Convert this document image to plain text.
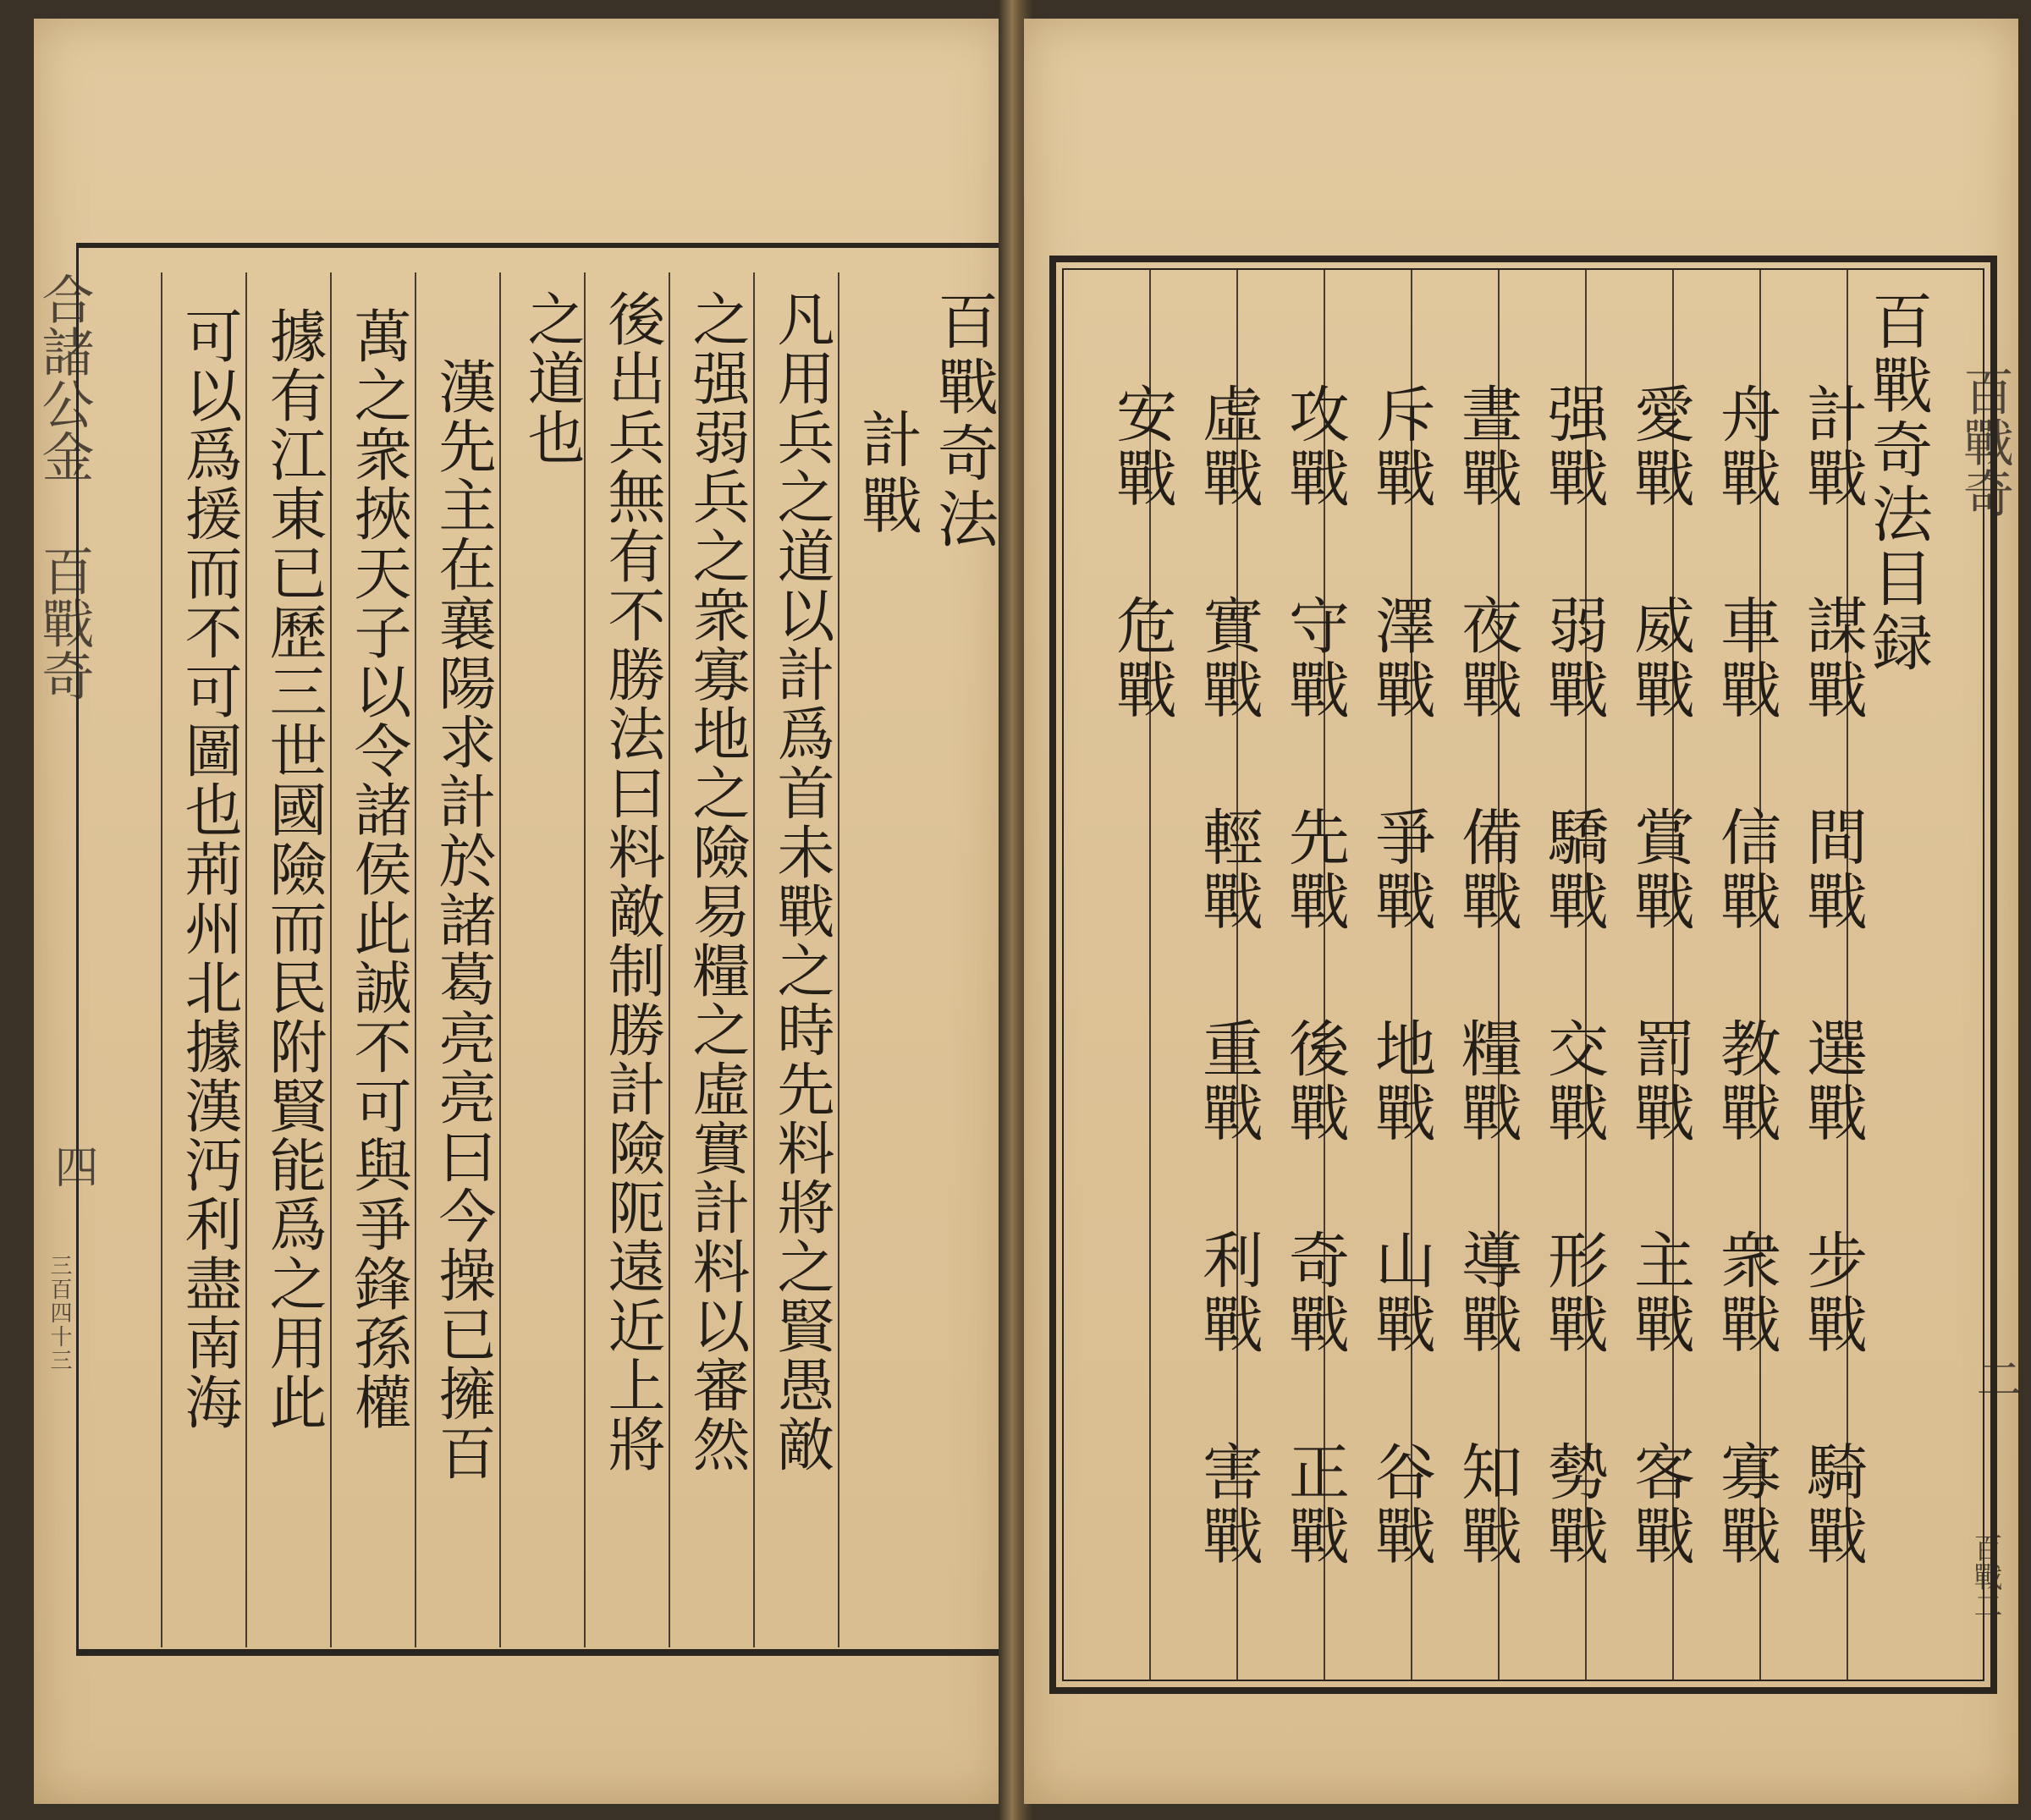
合諸公金 百戰奇
四
三百四十三
百戰奇法
計戰
凡用兵之道以計爲首未戰之時先料將之賢愚敵
之强弱兵之衆寡地之險易糧之虛實計料以審然
後出兵無有不勝法曰料敵制勝計險阨遠近上將
之道也
漢先主在襄陽求計於諸葛亮亮曰今操已擁百
萬之衆挾天子以令諸侯此誠不可與爭鋒孫權
據有江東已歷三世國險而民附賢能爲之用此
可以爲援而不可圖也荊州北據漢沔利盡南海	百戰奇
二
百戰二
百戰奇法目録
計戰
謀戰
間戰
選戰
步戰
騎戰
舟戰
車戰
信戰
教戰
衆戰
寡戰
愛戰
威戰
賞戰
罰戰
主戰
客戰
强戰
弱戰
驕戰
交戰
形戰
勢戰
晝戰
夜戰
備戰
糧戰
導戰
知戰
斥戰
澤戰
爭戰
地戰
山戰
谷戰
攻戰
守戰
先戰
後戰
奇戰
正戰
虛戰
實戰
輕戰
重戰
利戰
害戰
安戰
危戰
